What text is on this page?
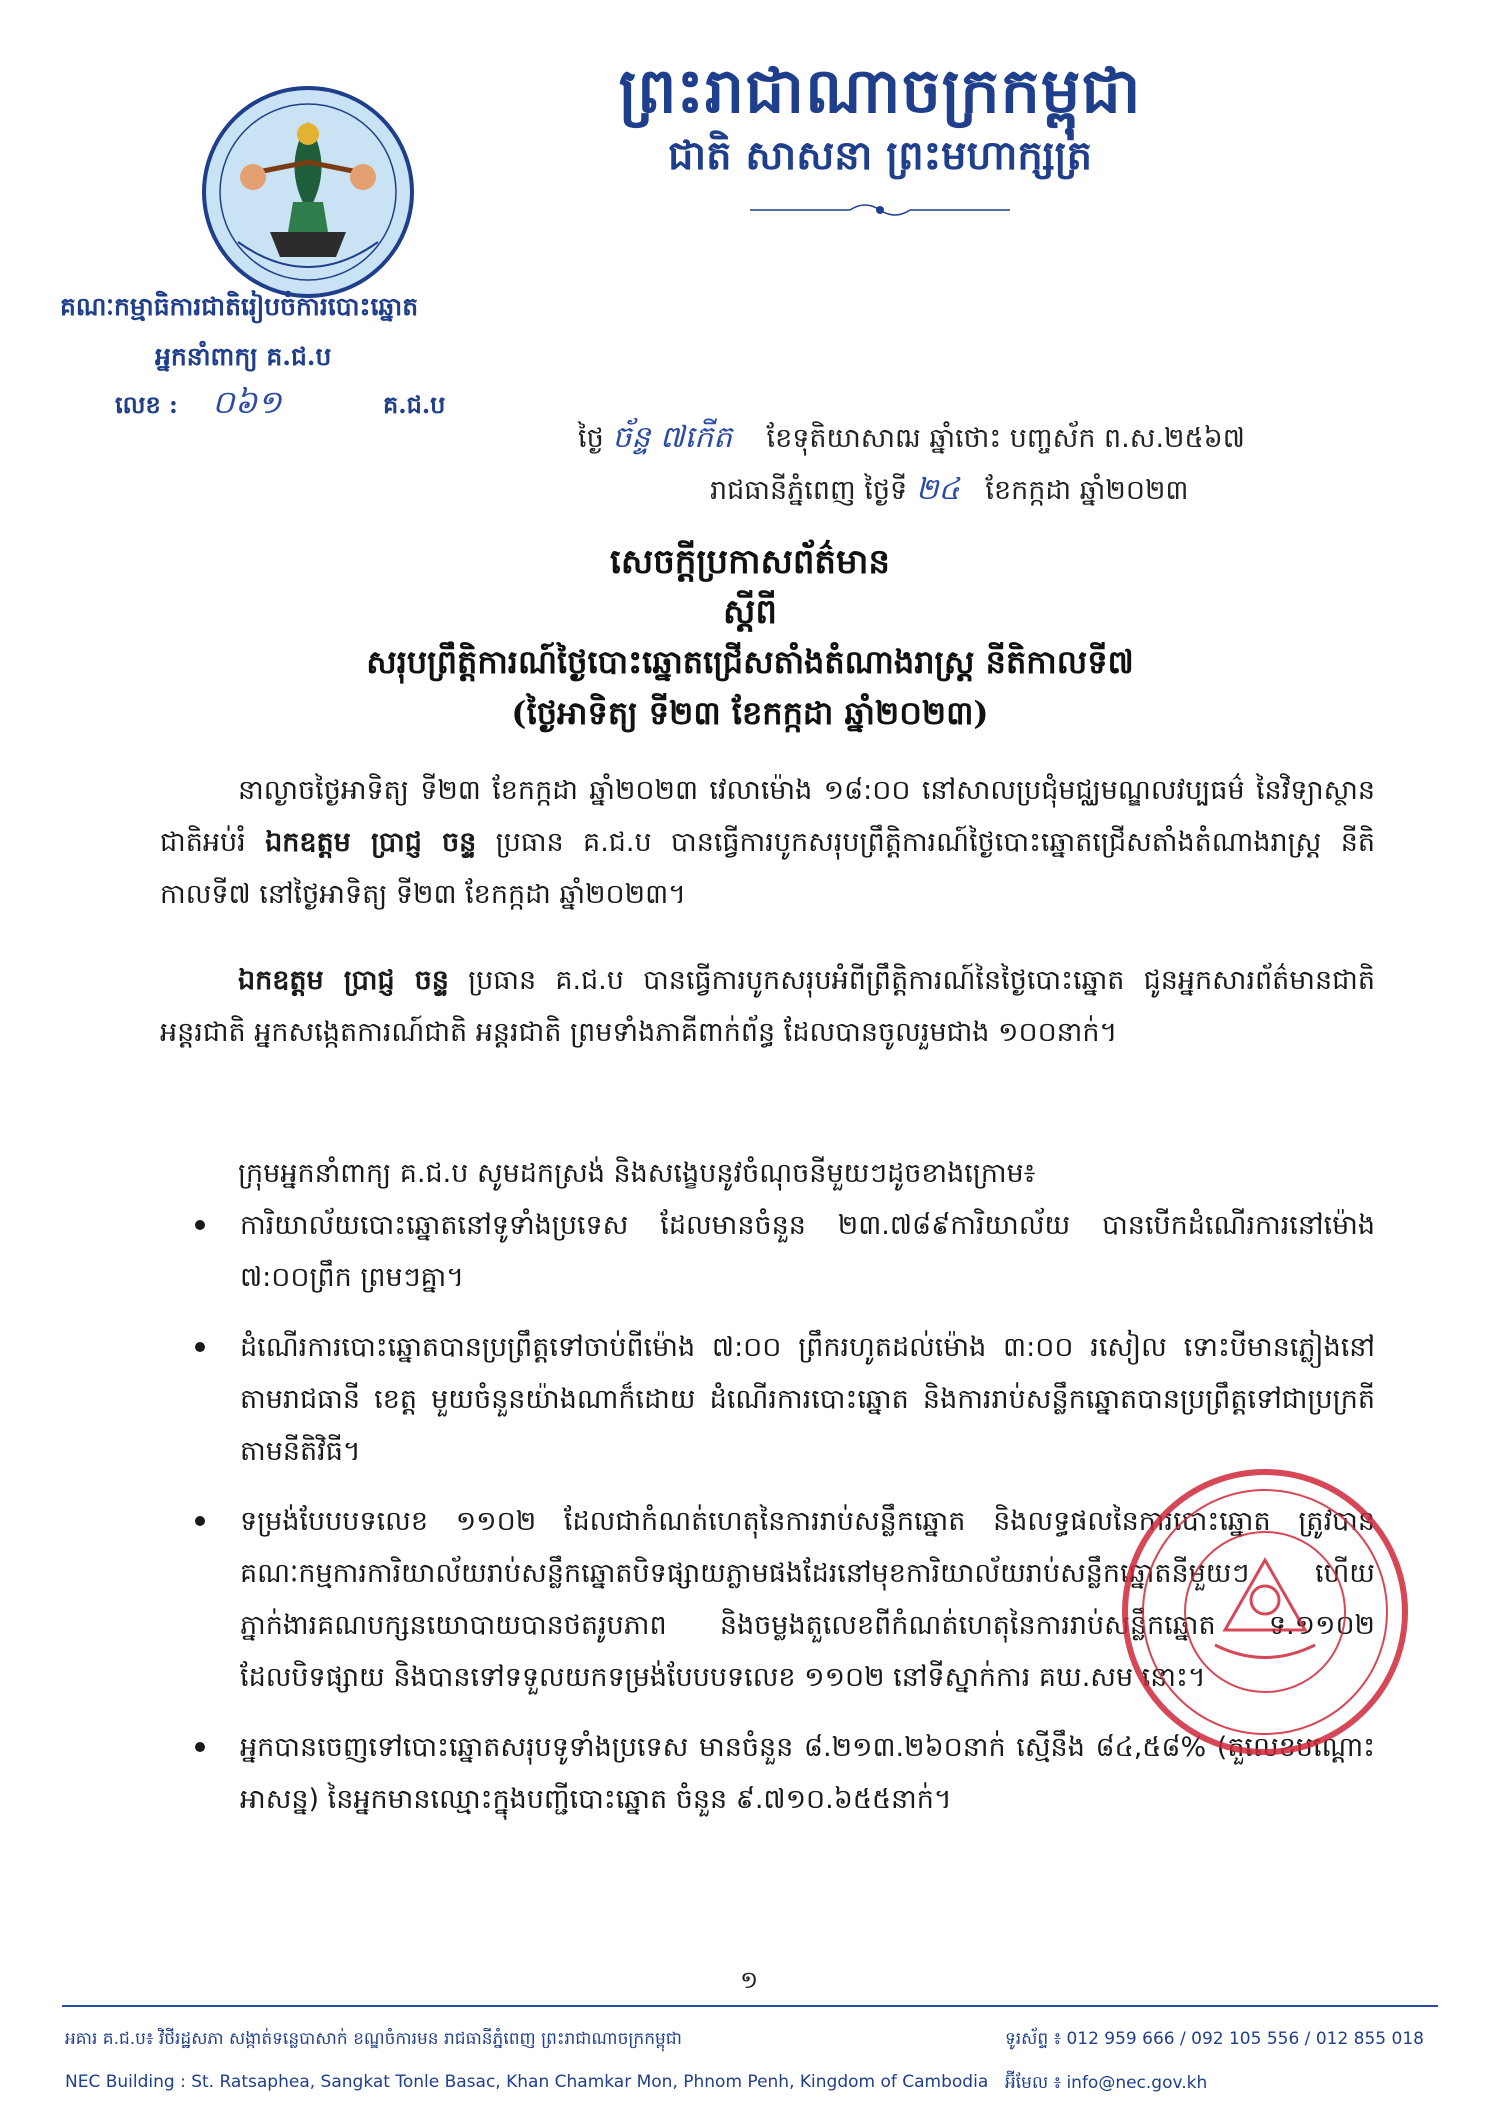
ព្រះរាជាណាចក្រកម្ពុជា
ជាតិ សាសនា ព្រះមហាក្សត្រ
គណៈកម្មាធិការជាតិរៀបចំការបោះឆ្នោត
អ្នកនាំពាក្យ គ.ជ.ប
លេខ : ០៦១	គ.ជ.ប
ថ្ងៃ ច័ន្ទ ៧កើត ខែទុតិយាសាឍ ឆ្នាំថោះ បញ្ចស័ក ព.ស.២៥៦៧
រាជធានីភ្នំពេញ ថ្ងៃទី ២៤ ខែកក្កដា ឆ្នាំ២០២៣
សេចក្តីប្រកាសព័ត៌មាន
ស្តីពី
សរុបព្រឹត្តិការណ៍ថ្ងៃបោះឆ្នោតជ្រើសតាំងតំណាងរាស្រ្ត នីតិកាលទី៧
(ថ្ងៃអាទិត្យ ទី២៣ ខែកក្កដា ឆ្នាំ២០២៣)
នាល្ងាចថ្ងៃអាទិត្យ ទី២៣ ខែកក្កដា ឆ្នាំ២០២៣ វេលាម៉ោង ១៨:០០ នៅសាលប្រជុំមជ្ឈមណ្ឌលវប្បធម៌ នៃវិទ្យាស្ថានជាតិអប់រំ ឯកឧត្តម ប្រាជ្ញ ចន្ទ ប្រធាន គ.ជ.ប បានធ្វើការបូកសរុបព្រឹត្តិការណ៍ថ្ងៃបោះឆ្នោតជ្រើសតាំងតំណាងរាស្រ្ត នីតិកាលទី៧ នៅថ្ងៃអាទិត្យ ទី២៣ ខែកក្កដា ឆ្នាំ២០២៣។
ឯកឧត្តម ប្រាជ្ញ ចន្ទ ប្រធាន គ.ជ.ប បានធ្វើការបូកសរុបអំពីព្រឹត្តិការណ៍នៃថ្ងៃបោះឆ្នោត ជូនអ្នកសារព័ត៌មានជាតិ អន្តរជាតិ អ្នកសង្កេតការណ៍ជាតិ អន្តរជាតិ ព្រមទាំងភាគីពាក់ព័ន្ធ ដែលបានចូលរួមជាង ១០០នាក់។
ក្រុមអ្នកនាំពាក្យ គ.ជ.ប សូមដកស្រង់ និងសង្ខេបនូវចំណុចនីមួយៗដូចខាងក្រោម៖
ការិយាល័យបោះឆ្នោតនៅទូទាំងប្រទេស ដែលមានចំនួន ២៣.៧៨៩ការិយាល័យ បានបើកដំណើរការនៅម៉ោង ៧:០០ព្រឹក ព្រមៗគ្នា។
ដំណើរការបោះឆ្នោតបានប្រព្រឹត្តទៅចាប់ពីម៉ោង ៧:០០ ព្រឹករហូតដល់ម៉ោង ៣:០០ រសៀល ទោះបីមានភ្លៀងនៅតាមរាជធានី ខេត្ត មួយចំនួនយ៉ាងណាក៏ដោយ ដំណើរការបោះឆ្នោត និងការរាប់សន្លឹកឆ្នោតបានប្រព្រឹត្តទៅជាប្រក្រតីតាមនីតិវិធី។
ទម្រង់បែបបទលេខ ១១០២ ដែលជាកំណត់ហេតុនៃការរាប់សន្លឹកឆ្នោត និងលទ្ធផលនៃការបោះឆ្នោត ត្រូវបានគណៈកម្មការការិយាល័យរាប់សន្លឹកឆ្នោតបិទផ្សាយភ្លាមផងដែរនៅមុខការិយាល័យរាប់សន្លឹកឆ្នោតនីមួយៗ ហើយភ្នាក់ងារគណបក្សនយោបាយបានថតរូបភាព និងចម្លងតួលេខពីកំណត់ហេតុនៃការរាប់សន្លឹកឆ្នោត ទ.១១០២ ដែលបិទផ្សាយ និងបានទៅទទួលយកទម្រង់បែបបទលេខ ១១០២ នៅទីស្នាក់ការ គឃ.សម នោះ។
អ្នកបានចេញទៅបោះឆ្នោតសរុបទូទាំងប្រទេស មានចំនួន ៨.២១៣.២៦០នាក់ ស្មើនឹង ៨៤,៥៨% (តួលេខបណ្តោះអាសន្ន) នៃអ្នកមានឈ្មោះក្នុងបញ្ជីបោះឆ្នោត ចំនួន ៩.៧១០.៦៥៥នាក់។
១
អគារ គ.ជ.ប៖ វិថីរដ្ឋសភា សង្កាត់ទន្លេបាសាក់ ខណ្ឌចំការមន រាជធានីភ្នំពេញ ព្រះរាជាណាចក្រកម្ពុជា	ទូរស័ព្ទ ៖ 012 959 666 / 092 105 556 / 012 855 018
NEC Building : St. Ratsaphea, Sangkat Tonle Basac, Khan Chamkar Mon, Phnom Penh, Kingdom of Cambodia អ៊ីមែល ៖ info@nec.gov.kh
